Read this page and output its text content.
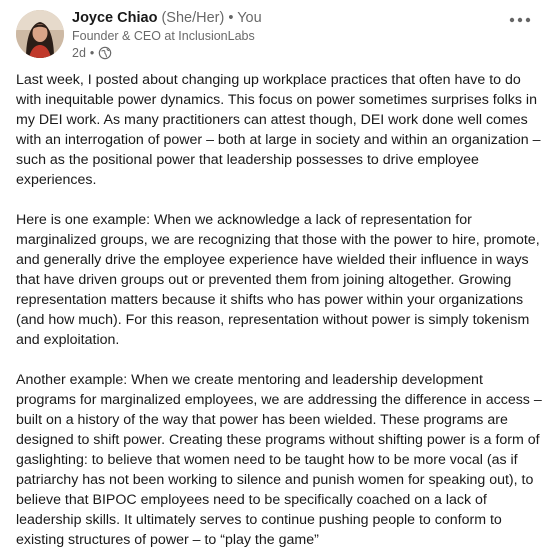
Joyce Chiao (She/Her) • You
Founder & CEO at InclusionLabs
2d •

Last week, I posted about changing up workplace practices that often have to do with inequitable power dynamics. This focus on power sometimes surprises folks in my DEI work. As many practitioners can attest though, DEI work done well comes with an interrogation of power – both at large in society and within an organization – such as the positional power that leadership possesses to drive employee experiences.

Here is one example: When we acknowledge a lack of representation for marginalized groups, we are recognizing that those with the power to hire, promote, and generally drive the employee experience have wielded their influence in ways that have driven groups out or prevented them from joining altogether. Growing representation matters because it shifts who has power within your organizations (and how much). For this reason, representation without power is simply tokenism and exploitation.

Another example: When we create mentoring and leadership development programs for marginalized employees, we are addressing the difference in access – built on a history of the way that power has been wielded. These programs are designed to shift power. Creating these programs without shifting power is a form of gaslighting: to believe that women need to be taught how to be more vocal (as if patriarchy has not been working to silence and punish women for speaking out), to believe that BIPOC employees need to be specifically coached on a lack of leadership skills. It ultimately serves to continue pushing people to conform to existing structures of power – to “play the game”
